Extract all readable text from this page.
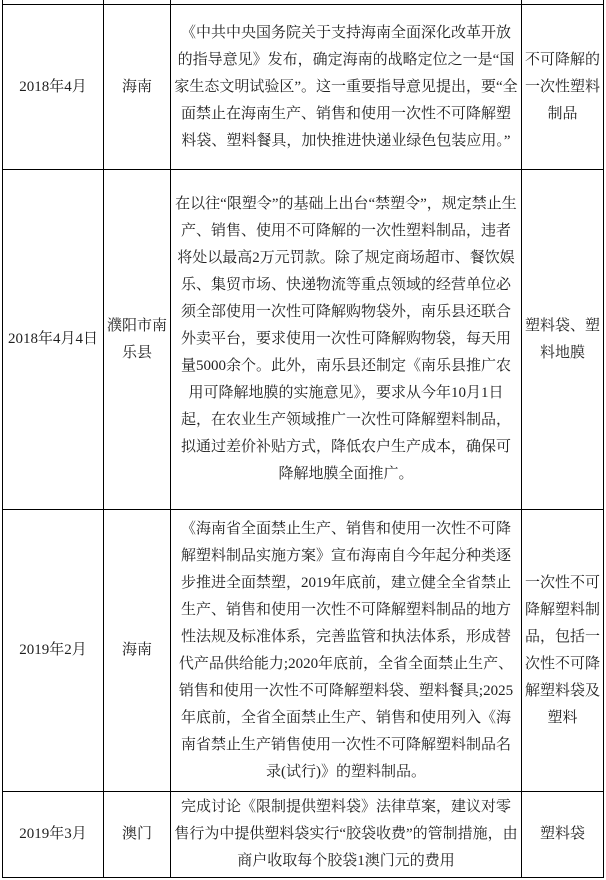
2018年4月	海南	《中共中央国务院关于支持海南全面深化改革开放的指导意见》发布，确定海南的战略定位之一是“国家生态文明试验区”。这一重要指导意见提出，要“全面禁止在海南生产、销售和使用一次性不可降解塑料袋、塑料餐具，加快推进快递业绿色包装应用。”	不可降解的一次性塑料制品
2018年4月4日	濮阳市南乐县	在以往“限塑令”的基础上出台“禁塑令”，规定禁止生产、销售、使用不可降解的一次性塑料制品，违者将处以最高2万元罚款。除了规定商场超市、餐饮娱乐、集贸市场、快递物流等重点领域的经营单位必须全部使用一次性可降解购物袋外，南乐县还联合外卖平台，要求使用一次性可降解购物袋，每天用量5000余个。此外，南乐县还制定《南乐县推广农用可降解地膜的实施意见》，要求从今年10月1日起，在农业生产领域推广一次性可降解塑料制品，拟通过差价补贴方式，降低农户生产成本，确保可降解地膜全面推广。	塑料袋、塑料地膜
2019年2月	海南	《海南省全面禁止生产、销售和使用一次性不可降解塑料制品实施方案》宣布海南自今年起分种类逐步推进全面禁塑，2019年底前，建立健全全省禁止生产、销售和使用一次性不可降解塑料制品的地方性法规及标准体系，完善监管和执法体系，形成替代产品供给能力;2020年底前，全省全面禁止生产、销售和使用一次性不可降解塑料袋、塑料餐具;2025年底前，全省全面禁止生产、销售和使用列入《海南省禁止生产销售使用一次性不可降解塑料制品名录(试行)》的塑料制品。	一次性不可降解塑料制品，包括一次性不可降解塑料袋及塑料
2019年3月	澳门	完成讨论《限制提供塑料袋》法律草案，建议对零售行为中提供塑料袋实行“胶袋收费”的管制措施，由商户收取每个胶袋1澳门元的费用	塑料袋
